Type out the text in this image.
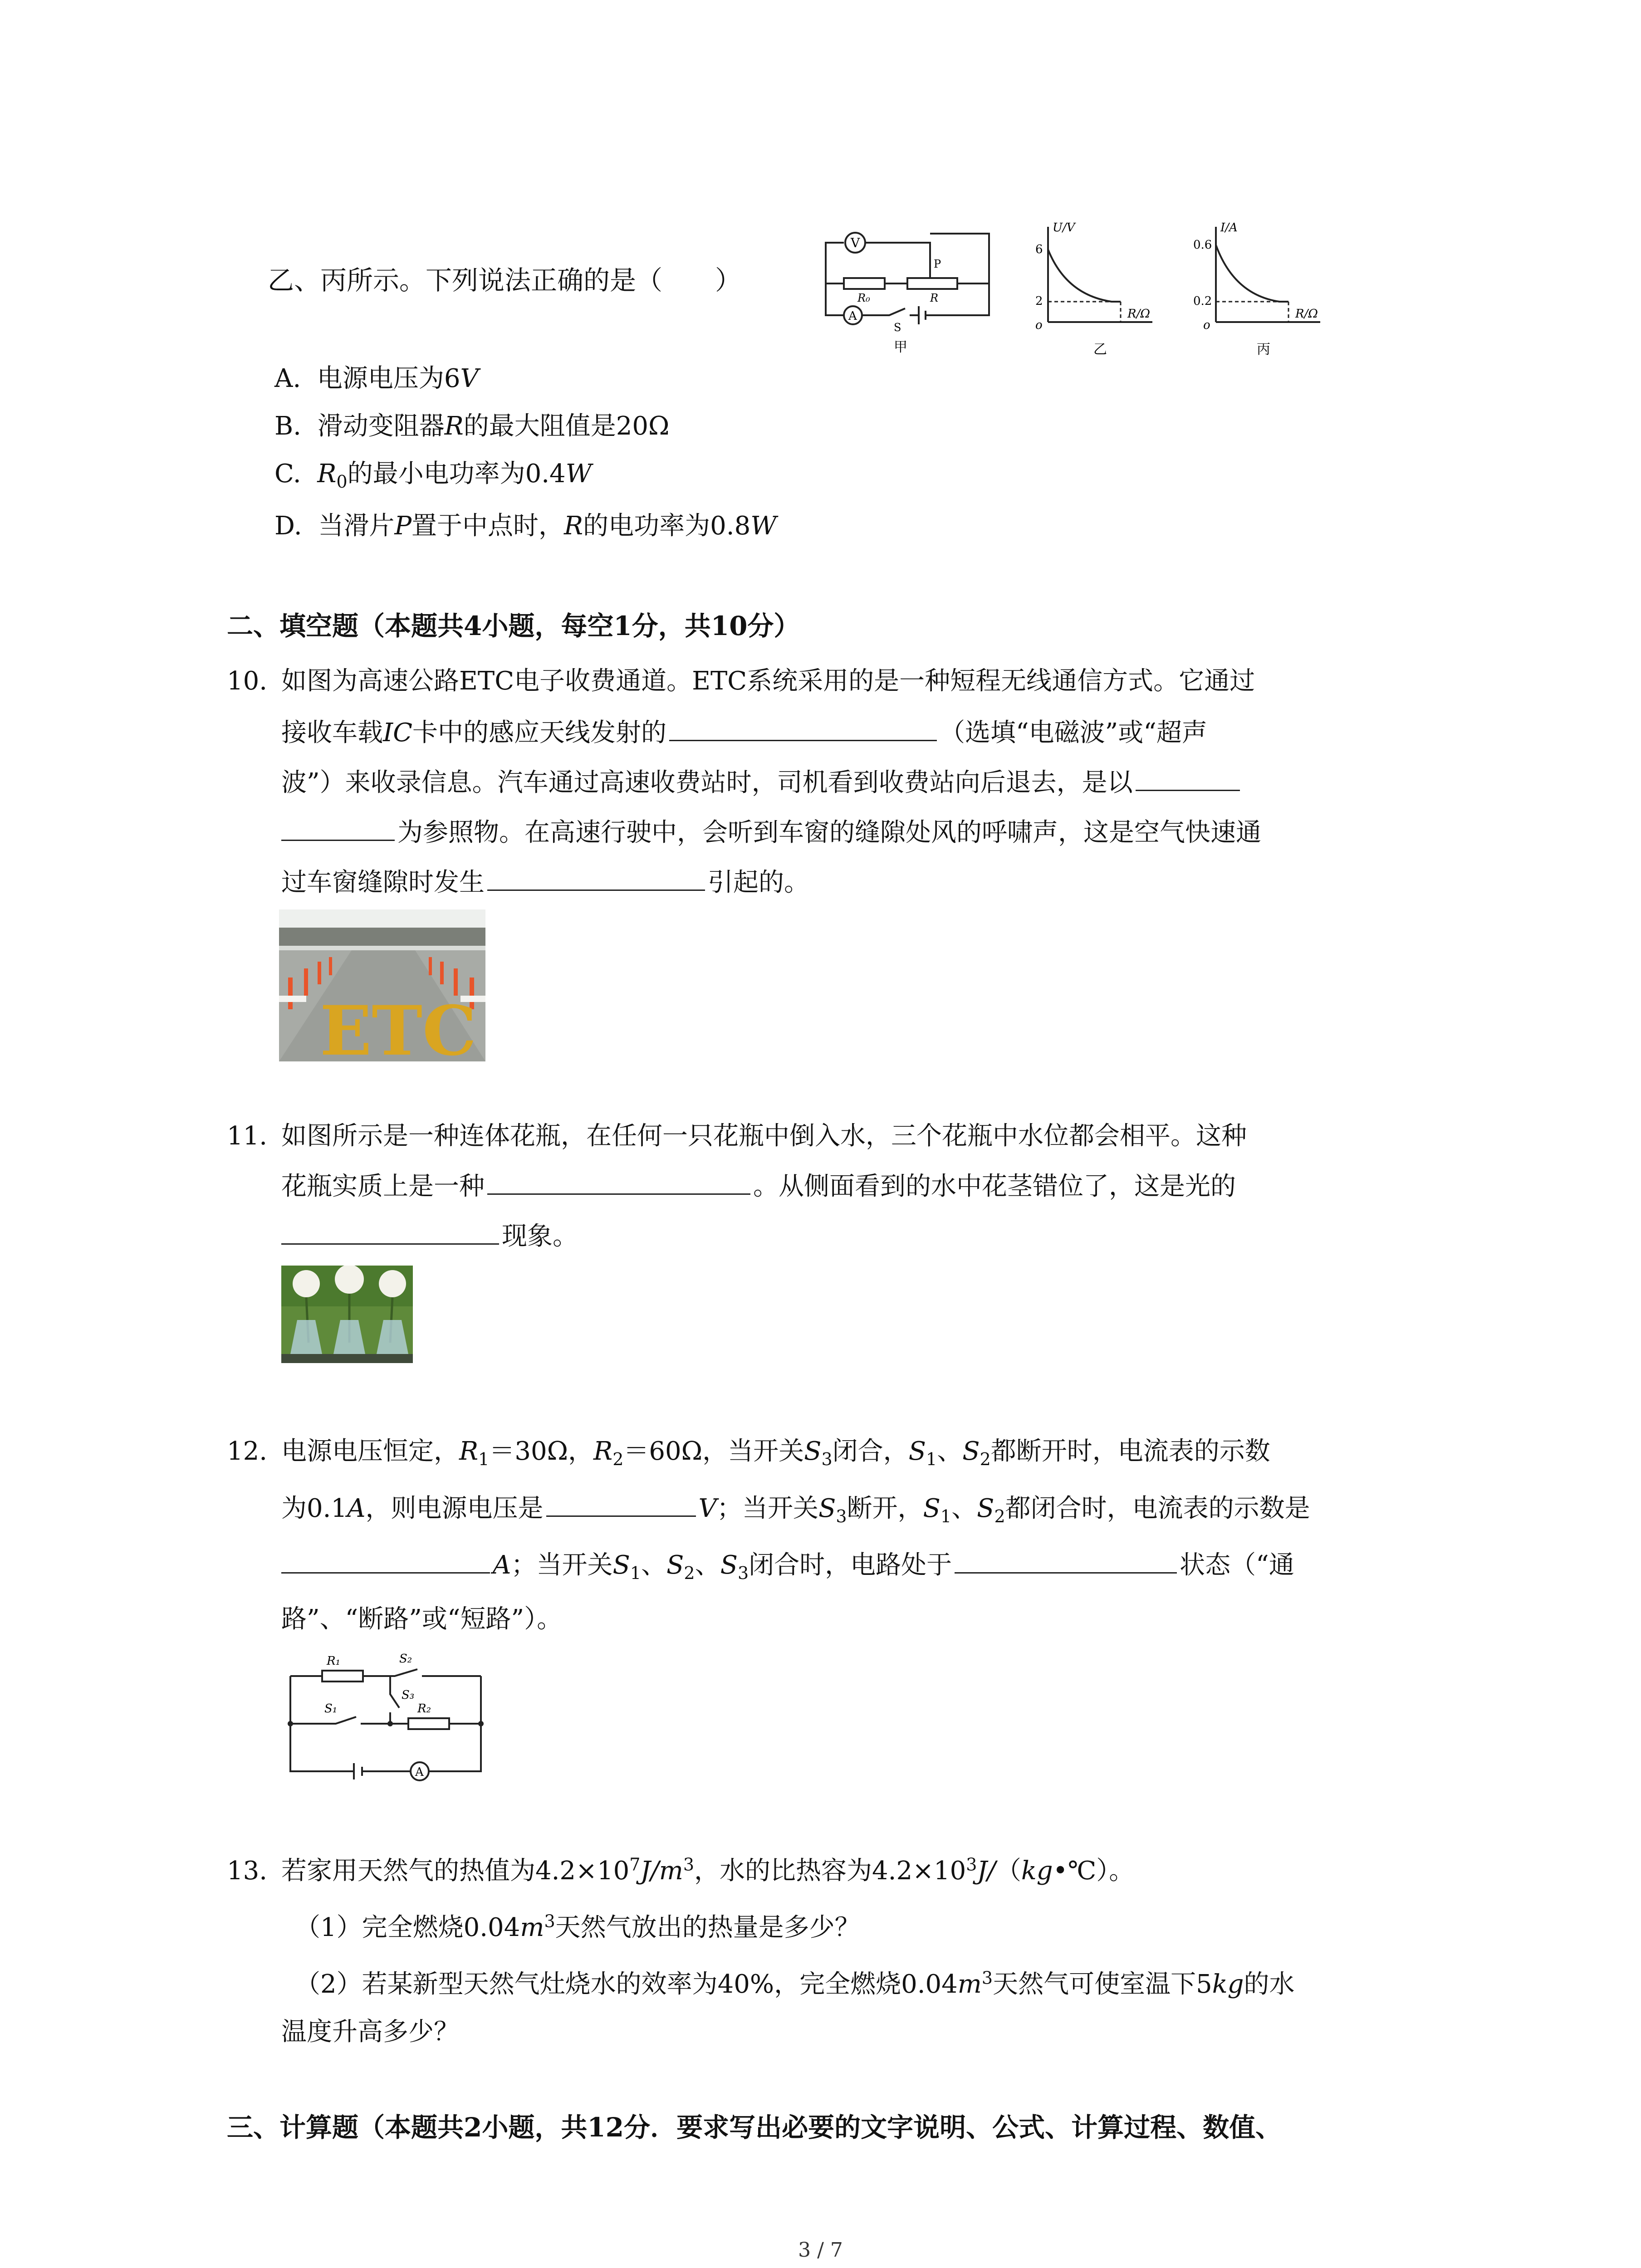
乙、丙所示。下列说法正确的是（　　）
V
A
R₀	R
P
S
甲
U/V
R/Ω
6
2
o
乙
I/A
R/Ω
0.6
0.2
o
丙
A. 电源电压为6V
B. 滑动变阻器R的最大阻值是20Ω
C. $R_0$的最小电功率为0.4W
D. 当滑片P置于中点时，R的电功率为0.8W
二、填空题（本题共4小题，每空1分，共10分）
10. 如图为高速公路ETC电子收费通道。ETC系统采用的是一种短程无线通信方式。它通过
接收车载IC卡中的感应天线发射的	（选填“电磁波”或“超声
波”）来收录信息。汽车通过高速收费站时，司机看到收费站向后退去，是以
为参照物。在高速行驶中，会听到车窗的缝隙处风的呼啸声，这是空气快速通
过车窗缝隙时发生	引起的。
ETC
11. 如图所示是一种连体花瓶，在任何一只花瓶中倒入水，三个花瓶中水位都会相平。这种
花瓶实质上是一种	。从侧面看到的水中花茎错位了，这是光的
现象。
12. 电源电压恒定，$R_1=30\Omega$，$R_2=60\Omega$，当开关$S_3$闭合，$S_1$、$S_2$都断开时，电流表的示数
为0.1A，则电源电压是	V；当开关$S_3$断开，$S_1$、$S_2$都闭合时，电流表的示数是
A；当开关$S_1$、$S_2$、$S_3$闭合时，电路处于	状态（“通
路”、“断路”或“短路”）。
R₁	S₂
S₃
S₁	R₂
A
13. 若家用天然气的热值为$4.2\times 10^7J/m^3$，水的比热容为$4.2\times 10^3J/(kg•℃)$。
（1）完全燃烧$0.04m^3$天然气放出的热量是多少？
（2）若某新型天然气灶烧水的效率为40%，完全燃烧$0.04m^3$天然气可使室温下5kg的水
温度升高多少？
三、计算题（本题共2小题，共12分．要求写出必要的文字说明、公式、计算过程、数值、
3 / 7
